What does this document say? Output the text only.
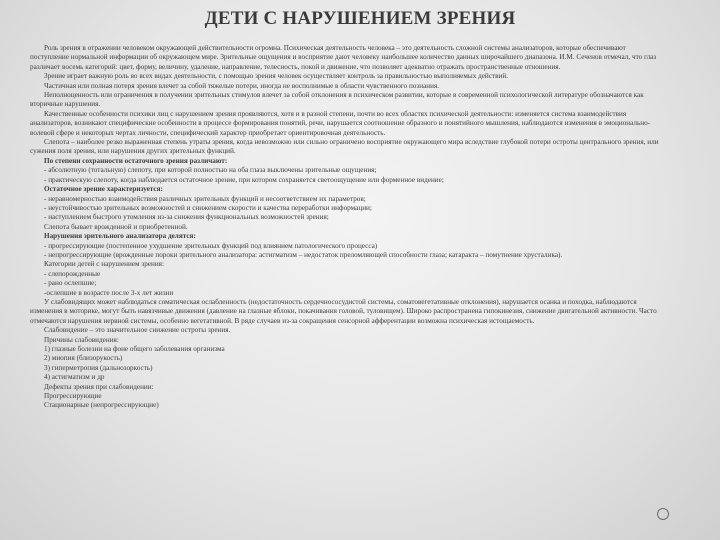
ДЕТИ С НАРУШЕНИЕМ ЗРЕНИЯ

Роль зрения в отражении человеком окружающей действительности огромна. Психическая деятельность человека – это деятельность сложной системы анализаторов, которые обеспечивают поступление нормальной информации об окружающем мире. Зрительные ощущения и восприятие дают человеку наибольшее количество данных широчайшего диапазона. И.М. Сеченов отмечал, что глаз различает восемь категорий: цвет, форму, величину, удаление, направление, телесность, покой и движение, что позволяет адекватно отражать пространственные отношения.

Зрение играет важную роль во всех видах деятельности, с помощью зрения человек осуществляет контроль за правильностью выполняемых действий.

Частичная или полная потеря зрения влечет за собой тяжелые потери, иногда не восполнимые в области чувственного познания.

Неполноценность или ограничения в получении зрительных стимулов влечет за собой отклонения в психическом развитии, которые в современной психологической литературе обозначаются как вторичные нарушения.

Качественные особенности психики лиц с нарушением зрения проявляются, хотя и в разной степени, почти во всех областях психической деятельности: изменяется система взаимодействия анализаторов, возникают специфические особенности в процессе формирования понятий, речи, нарушается соотношение образного и понятийного мышления, наблюдаются изменения в эмоционально-волевой сфере и некоторых чертах личности, специфический характер приобретает ориентировочная деятельность.

Слепота – наиболее резко выраженная степень утраты зрения, когда невозможно или сильно ограничено восприятие окружающего мира вследствие глубокой потери остроты центрального зрения, или сужения поля зрения, или нарушения других зрительных функций.

По степени сохранности остаточного зрения различают:

- абсолютную (тотальную) слепоту, при которой полностью на оба глаза выключены зрительные ощущения;

- практическую слепоту, когда наблюдается остаточное зрение, при котором сохраняется светоощущение или форменное видение;

Остаточное зрение характеризуется:

- неравномерностью взаимодействия различных зрительных функций и несоответствием их параметров;

- неустойчивостью зрительных возможностей и снижением скорости и качества переработки информации;

- наступлением быстрого утомления из-за снижения функциональных возможностей зрения;

Слепота бывает врожденной и приобретенной.

Нарушения зрительного анализатора делятся:

- прогрессирующие (постепенное ухудшение зрительных функций под влиянием патологического процесса)

- непрогрессирующие (врожденные пороки зрительного анализатора: астигматизм – недостаток преломляющей способности глаза; катаракта – помутнение хрусталика).

Категории детей с нарушением зрения:

- слепорожденные

- рано ослепшие;

-ослепшие в возрасте после 3-х лет жизни

У слабовидящих может наблюдаться соматическая ослабленность (недостаточность сердечнососудистой системы, соматовегетативные отклонения), нарушается осанка и походка, наблюдаются изменения в моторике, могут быть навязчивые движения (давление на глазные яблоки, покачивания головой, туловищем). Широко распространена гипокинезия, снижение двигательной активности. Часто отмечаются нарушения нервной системы, особенно вегетативной. В ряде случаев из-за сокращения сенсорной афферентации возможна психическая истощаемость.

Слабовидение – это значительное снижение остроты зрения.

Причины слабовидения:

1) глазные болезни на фоне общего заболевания организма

2) миопия (близорукость)

3) гиперметропия (дальнозоркость)

4) астигматизм и др

Дефекты зрения при слабовидении:

Прогрессирующие

Стационарные (непрогрессирующие)
